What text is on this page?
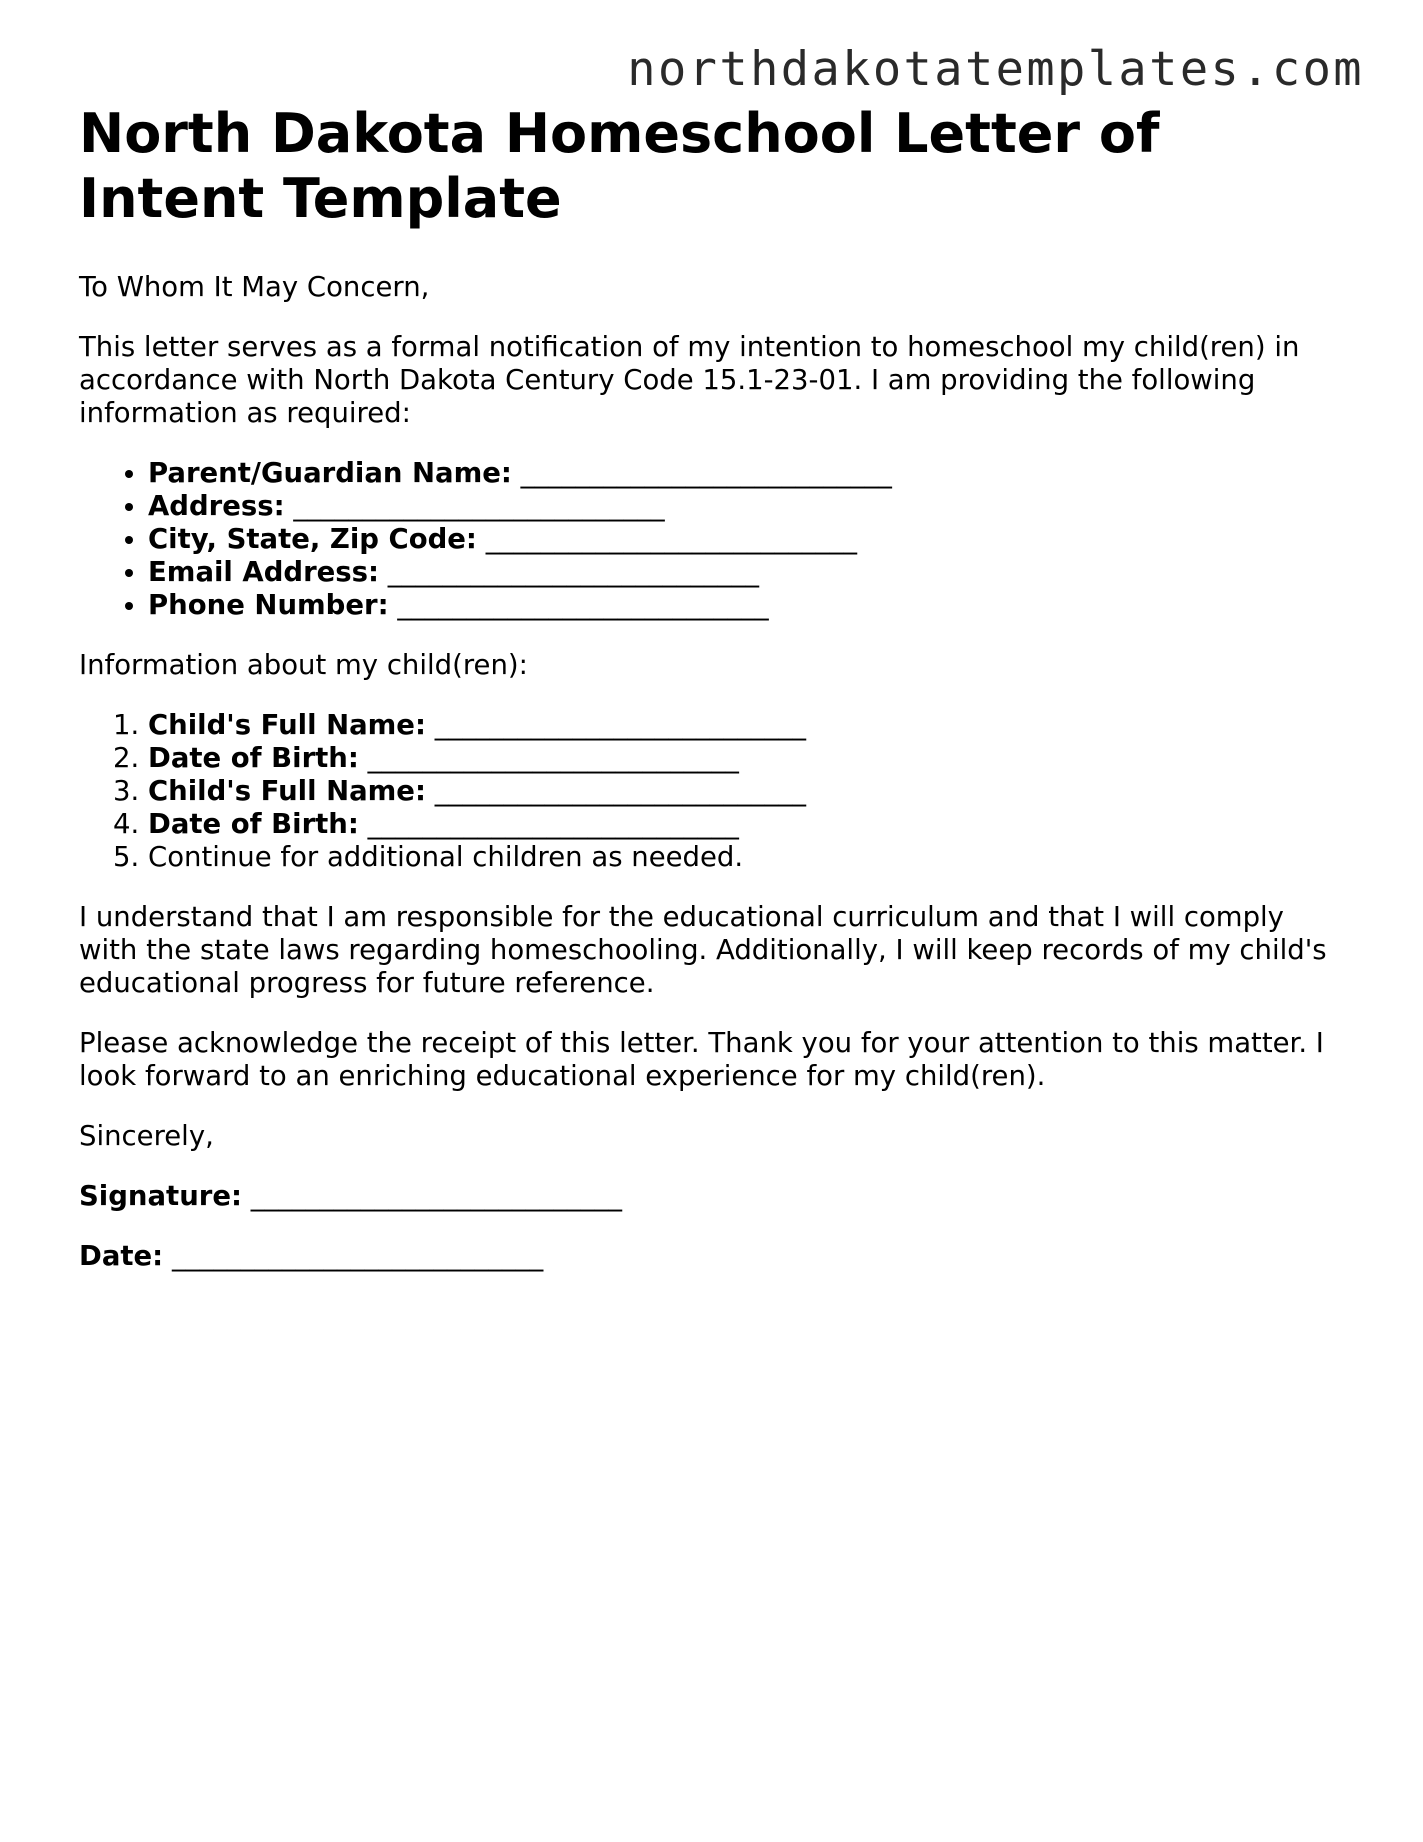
northdakotatemplates.com
North Dakota Homeschool Letter of Intent Template

To Whom It May Concern,

This letter serves as a formal notification of my intention to homeschool my child(ren) in accordance with North Dakota Century Code 15.1-23-01. I am providing the following information as required:

• Parent/Guardian Name: ___________________________
• Address: ___________________________
• City, State, Zip Code: ___________________________
• Email Address: ___________________________
• Phone Number: ___________________________

Information about my child(ren):

1. Child's Full Name: ___________________________
2. Date of Birth: ___________________________
3. Child's Full Name: ___________________________
4. Date of Birth: ___________________________
5. Continue for additional children as needed.

I understand that I am responsible for the educational curriculum and that I will comply with the state laws regarding homeschooling. Additionally, I will keep records of my child's educational progress for future reference.

Please acknowledge the receipt of this letter. Thank you for your attention to this matter. I look forward to an enriching educational experience for my child(ren).

Sincerely,

Signature: ___________________________

Date: ___________________________
